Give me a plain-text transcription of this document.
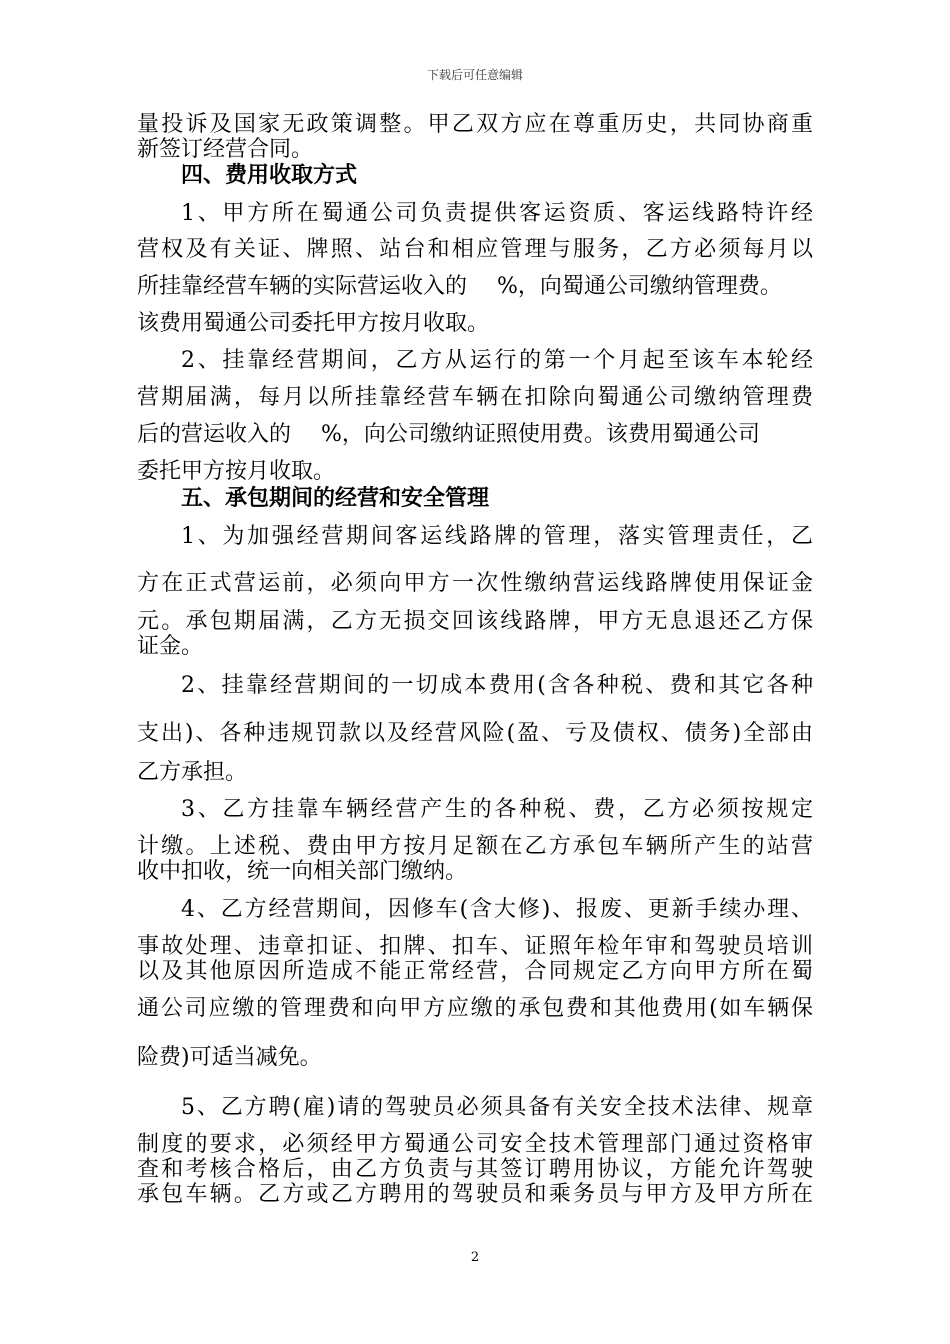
下载后可任意编辑
量投诉及国家无政策调整。甲乙双方应在尊重历史，共同协商重
新签订经营合同。
四、费用收取方式
1、甲方所在蜀通公司负责提供客运资质、客运线路特许经
营权及有关证、牌照、站台和相应管理与服务，乙方必须每月以
所挂靠经营车辆的实际营运收入的 %，向蜀通公司缴纳管理费。
该费用蜀通公司委托甲方按月收取。
2、挂靠经营期间，乙方从运行的第一个月起至该车本轮经
营期届满，每月以所挂靠经营车辆在扣除向蜀通公司缴纳管理费
后的营运收入的 %，向公司缴纳证照使用费。该费用蜀通公司
委托甲方按月收取。
五、承包期间的经营和安全管理
1、为加强经营期间客运线路牌的管理，落实管理责任，乙
方在正式营运前，必须向甲方一次性缴纳营运线路牌使用保证金
元。承包期届满，乙方无损交回该线路牌，甲方无息退还乙方保
证金。
2、挂靠经营期间的一切成本费用(含各种税、费和其它各种
支出)、各种违规罚款以及经营风险(盈、亏及债权、债务)全部由
乙方承担。
3、乙方挂靠车辆经营产生的各种税、费，乙方必须按规定
计缴。上述税、费由甲方按月足额在乙方承包车辆所产生的站营
收中扣收，统一向相关部门缴纳。
4、乙方经营期间，因修车(含大修)、报废、更新手续办理、
事故处理、违章扣证、扣牌、扣车、证照年检年审和驾驶员培训
以及其他原因所造成不能正常经营，合同规定乙方向甲方所在蜀
通公司应缴的管理费和向甲方应缴的承包费和其他费用(如车辆保
险费)可适当减免。
5、乙方聘(雇)请的驾驶员必须具备有关安全技术法律、规章
制度的要求，必须经甲方蜀通公司安全技术管理部门通过资格审
查和考核合格后，由乙方负责与其签订聘用协议，方能允许驾驶
承包车辆。乙方或乙方聘用的驾驶员和乘务员与甲方及甲方所在
2
